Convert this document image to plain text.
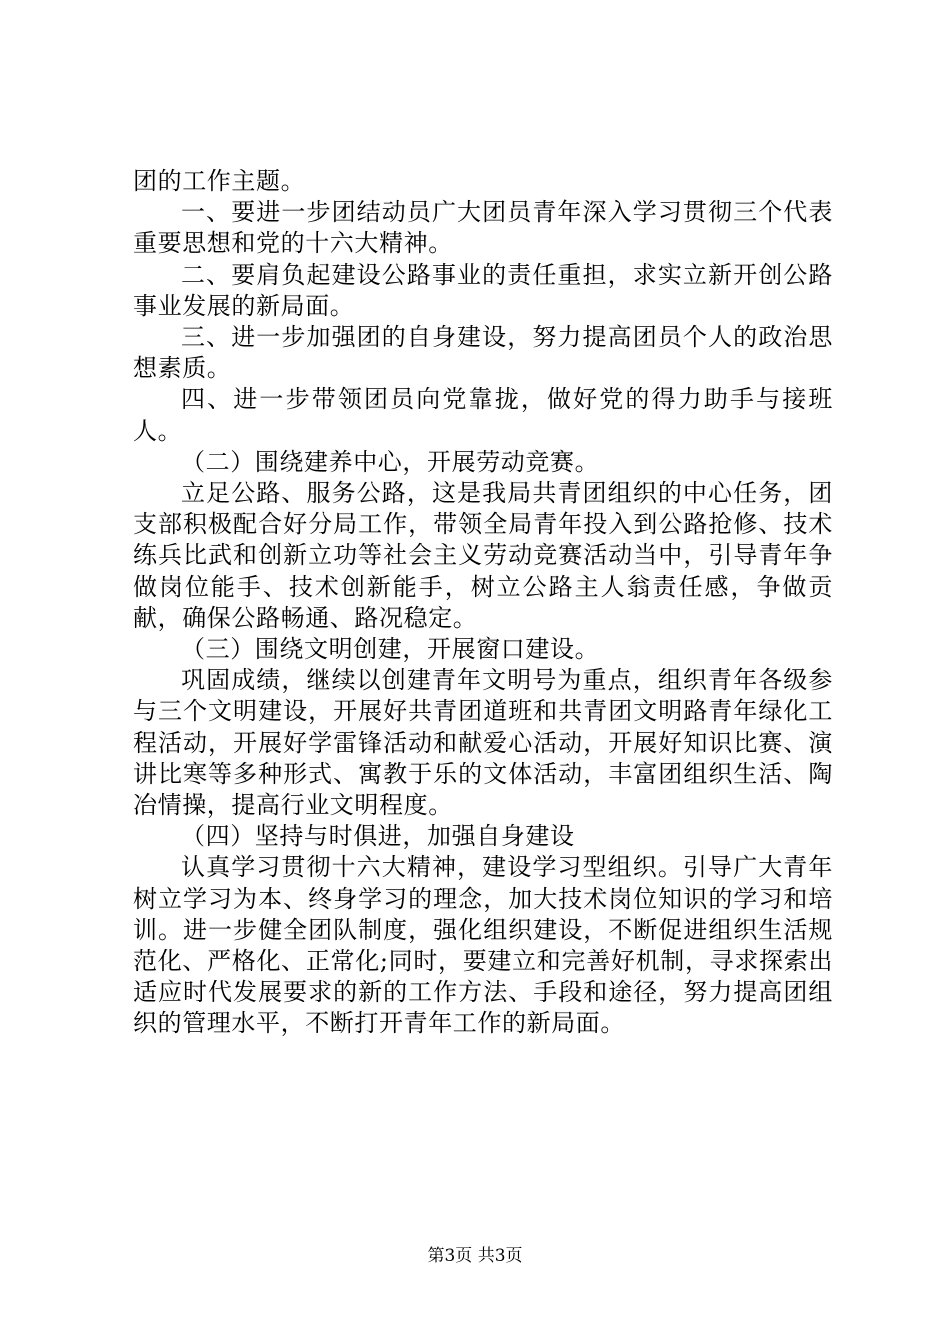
团的工作主题。

一、要进一步团结动员广大团员青年深入学习贯彻三个代表重要思想和党的十六大精神。

二、要肩负起建设公路事业的责任重担，求实立新开创公路事业发展的新局面。

三、进一步加强团的自身建设，努力提高团员个人的政治思想素质。

四、进一步带领团员向党靠拢，做好党的得力助手与接班人。

（二）围绕建养中心，开展劳动竞赛。

立足公路、服务公路，这是我局共青团组织的中心任务，团支部积极配合好分局工作，带领全局青年投入到公路抢修、技术练兵比武和创新立功等社会主义劳动竞赛活动当中，引导青年争做岗位能手、技术创新能手，树立公路主人翁责任感，争做贡献，确保公路畅通、路况稳定。

（三）围绕文明创建，开展窗口建设。

巩固成绩，继续以创建青年文明号为重点，组织青年各级参与三个文明建设，开展好共青团道班和共青团文明路青年绿化工程活动，开展好学雷锋活动和献爱心活动，开展好知识比赛、演讲比寒等多种形式、寓教于乐的文体活动，丰富团组织生活、陶冶情操，提高行业文明程度。

（四）坚持与时俱进，加强自身建设

认真学习贯彻十六大精神，建设学习型组织。引导广大青年树立学习为本、终身学习的理念，加大技术岗位知识的学习和培训。进一步健全团队制度，强化组织建设，不断促进组织生活规范化、严格化、正常化;同时，要建立和完善好机制，寻求探索出适应时代发展要求的新的工作方法、手段和途径，努力提高团组织的管理水平，不断打开青年工作的新局面。

第3页 共3页
